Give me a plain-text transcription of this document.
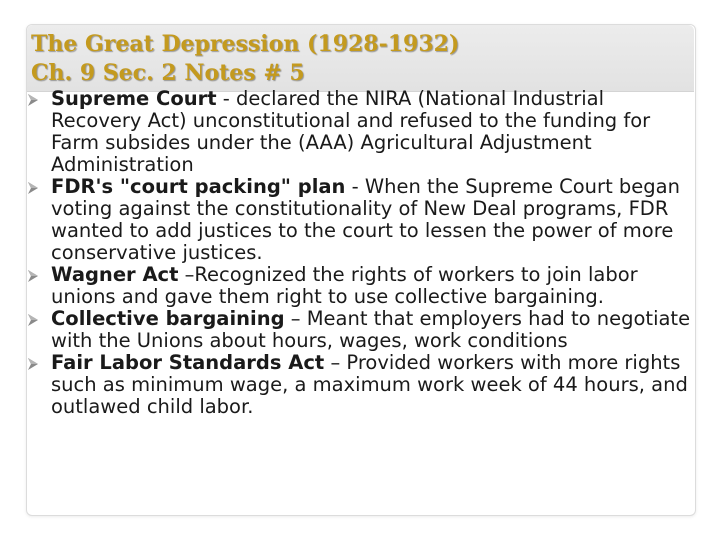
The Great Depression (1928-1932)
Ch. 9 Sec. 2 Notes # 5
Supreme Court - declared the NIRA (National Industrial Recovery Act) unconstitutional and refused to the funding for Farm subsides under the (AAA) Agricultural Adjustment Administration
FDR's "court packing" plan - When the Supreme Court began voting against the constitutionality of New Deal programs, FDR wanted to add justices to the court to lessen the power of more conservative justices.
Wagner Act –Recognized the rights of workers to join labor unions and gave them right to use collective bargaining.
Collective bargaining – Meant that employers had to negotiate with the Unions about hours, wages, work conditions
Fair Labor Standards Act – Provided workers with more rights such as minimum wage, a maximum work week of 44 hours, and outlawed child labor.
